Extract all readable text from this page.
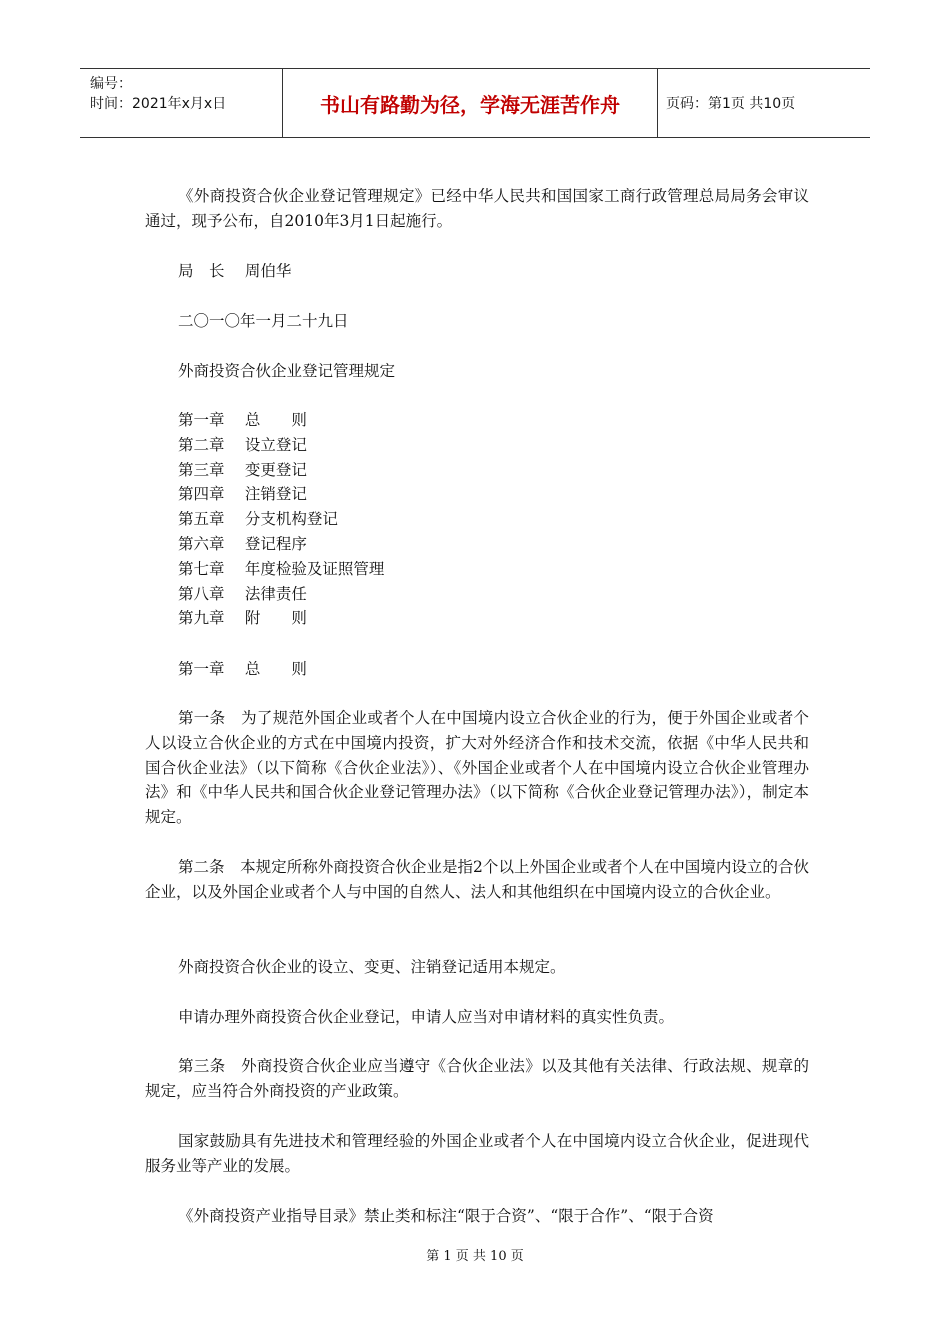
编号：
时间：2021年x月x日	书山有路勤为径，学海无涯苦作舟	页码：第1页 共10页
《外商投资合伙企业登记管理规定》已经中华人民共和国国家工商行政管理总局局务会审议通过，现予公布，自2010年3月1日起施行。
局　长　 周伯华
二〇一〇年一月二十九日
外商投资合伙企业登记管理规定
第一章　 总　　则
第二章　 设立登记
第三章　 变更登记
第四章　 注销登记
第五章　 分支机构登记
第六章　 登记程序
第七章　 年度检验及证照管理
第八章　 法律责任
第九章　 附　　则
第一章　 总　　则
第一条　为了规范外国企业或者个人在中国境内设立合伙企业的行为，便于外国企业或者个人以设立合伙企业的方式在中国境内投资，扩大对外经济合作和技术交流，依据《中华人民共和国合伙企业法》（以下简称《合伙企业法》）、《外国企业或者个人在中国境内设立合伙企业管理办法》和《中华人民共和国合伙企业登记管理办法》（以下简称《合伙企业登记管理办法》），制定本规定。
第二条　本规定所称外商投资合伙企业是指2个以上外国企业或者个人在中国境内设立的合伙企业，以及外国企业或者个人与中国的自然人、法人和其他组织在中国境内设立的合伙企业。
外商投资合伙企业的设立、变更、注销登记适用本规定。
申请办理外商投资合伙企业登记，申请人应当对申请材料的真实性负责。
第三条　外商投资合伙企业应当遵守《合伙企业法》以及其他有关法律、行政法规、规章的规定，应当符合外商投资的产业政策。
国家鼓励具有先进技术和管理经验的外国企业或者个人在中国境内设立合伙企业，促进现代服务业等产业的发展。
《外商投资产业指导目录》禁止类和标注“限于合资”、“限于合作”、“限于合资
第 1 页 共 10 页
